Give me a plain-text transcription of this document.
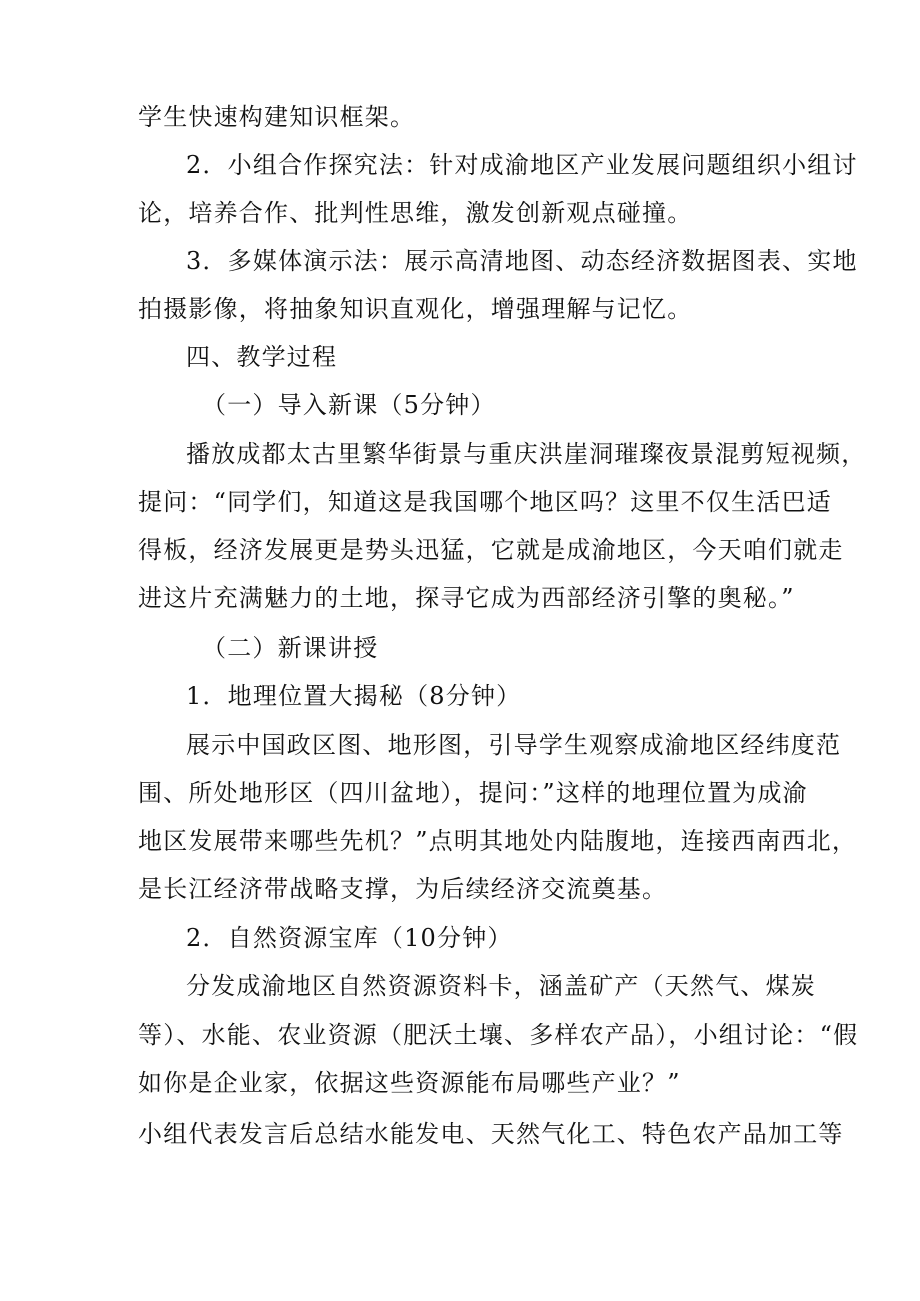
学生快速构建知识框架。
2．小组合作探究法：针对成渝地区产业发展问题组织小组讨
论，培养合作、批判性思维，激发创新观点碰撞。
3．多媒体演示法：展示高清地图、动态经济数据图表、实地
拍摄影像，将抽象知识直观化，增强理解与记忆。
四、教学过程
（一）导入新课（5分钟）
播放成都太古里繁华街景与重庆洪崖洞璀璨夜景混剪短视频，
提问：“同学们，知道这是我国哪个地区吗？这里不仅生活巴适
得板，经济发展更是势头迅猛，它就是成渝地区，今天咱们就走
进这片充满魅力的土地，探寻它成为西部经济引擎的奥秘。”
（二）新课讲授
1．地理位置大揭秘（8分钟）
展示中国政区图、地形图，引导学生观察成渝地区经纬度范
围、所处地形区（四川盆地），提问：”这样的地理位置为成渝
地区发展带来哪些先机？”点明其地处内陆腹地，连接西南西北，
是长江经济带战略支撑，为后续经济交流奠基。
2．自然资源宝库（10分钟）
分发成渝地区自然资源资料卡，涵盖矿产（天然气、煤炭
等）、水能、农业资源（肥沃土壤、多样农产品），小组讨论：“假
如你是企业家，依据这些资源能布局哪些产业？”
小组代表发言后总结水能发电、天然气化工、特色农产品加工等
